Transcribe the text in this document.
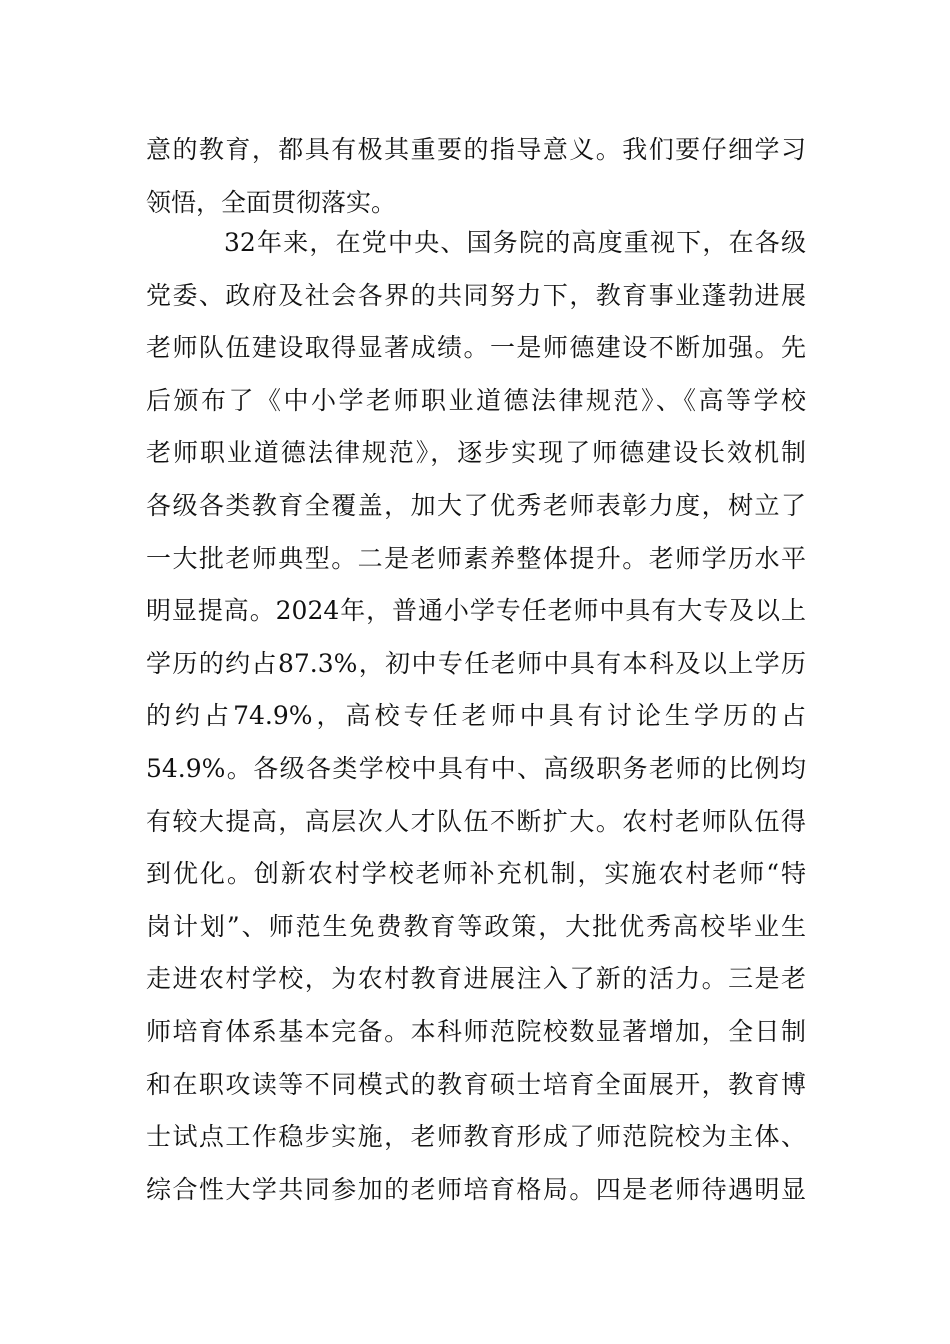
意的教育，都具有极其重要的指导意义。我们要仔细学习
领悟，全面贯彻落实。
32年来，在党中央、国务院的高度重视下，在各级
党委、政府及社会各界的共同努力下，教育事业蓬勃进展
老师队伍建设取得显著成绩。一是师德建设不断加强。先
后颁布了《中小学老师职业道德法律规范》、《高等学校
老师职业道德法律规范》，逐步实现了师德建设长效机制
各级各类教育全覆盖，加大了优秀老师表彰力度，树立了
一大批老师典型。二是老师素养整体提升。老师学历水平
明显提高。2024年，普通小学专任老师中具有大专及以上
学历的约占87.3%，初中专任老师中具有本科及以上学历
的约占74.9%，高校专任老师中具有讨论生学历的占
54.9%。各级各类学校中具有中、高级职务老师的比例均
有较大提高，高层次人才队伍不断扩大。农村老师队伍得
到优化。创新农村学校老师补充机制，实施农村老师“特
岗计划”、师范生免费教育等政策，大批优秀高校毕业生
走进农村学校，为农村教育进展注入了新的活力。三是老
师培育体系基本完备。本科师范院校数显著增加，全日制
和在职攻读等不同模式的教育硕士培育全面展开，教育博
士试点工作稳步实施，老师教育形成了师范院校为主体、
综合性大学共同参加的老师培育格局。四是老师待遇明显
